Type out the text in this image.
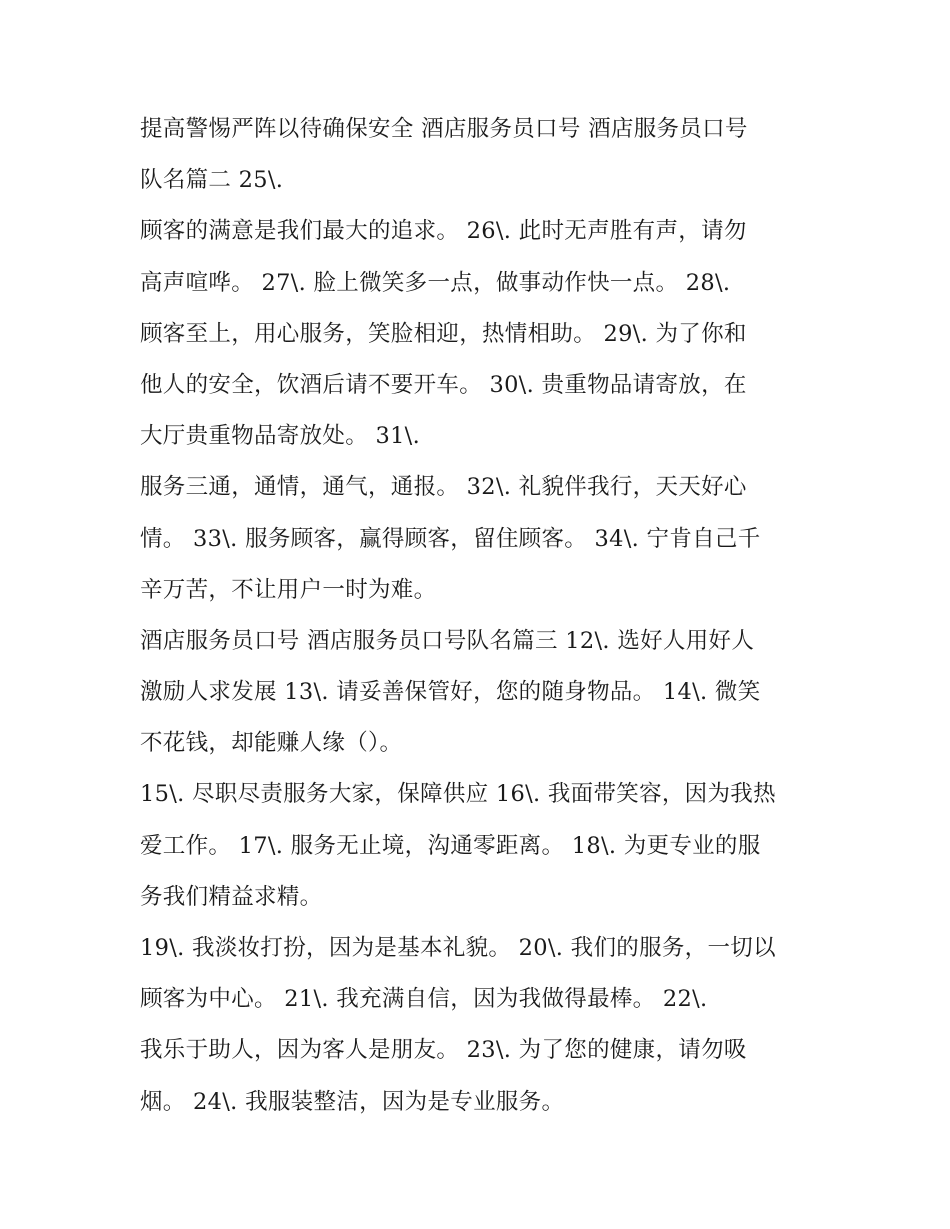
提高警惕严阵以待确保安全 酒店服务员口号 酒店服务员口号
队名篇二 25\.
顾客的满意是我们最大的追求。 26\. 此时无声胜有声，请勿
高声喧哗。 27\. 脸上微笑多一点，做事动作快一点。 28\.
顾客至上，用心服务，笑脸相迎，热情相助。 29\. 为了你和
他人的安全，饮酒后请不要开车。 30\. 贵重物品请寄放，在
大厅贵重物品寄放处。 31\.
服务三通，通情，通气，通报。 32\. 礼貌伴我行，天天好心
情。 33\. 服务顾客，赢得顾客，留住顾客。 34\. 宁肯自己千
辛万苦，不让用户一时为难。
酒店服务员口号 酒店服务员口号队名篇三 12\. 选好人用好人
激励人求发展 13\. 请妥善保管好，您的随身物品。 14\. 微笑
不花钱，却能赚人缘（）。
15\. 尽职尽责服务大家，保障供应 16\. 我面带笑容，因为我热
爱工作。 17\. 服务无止境，沟通零距离。 18\. 为更专业的服
务我们精益求精。
19\. 我淡妆打扮，因为是基本礼貌。 20\. 我们的服务，一切以
顾客为中心。 21\. 我充满自信，因为我做得最棒。 22\.
我乐于助人，因为客人是朋友。 23\. 为了您的健康，请勿吸
烟。 24\. 我服装整洁，因为是专业服务。
